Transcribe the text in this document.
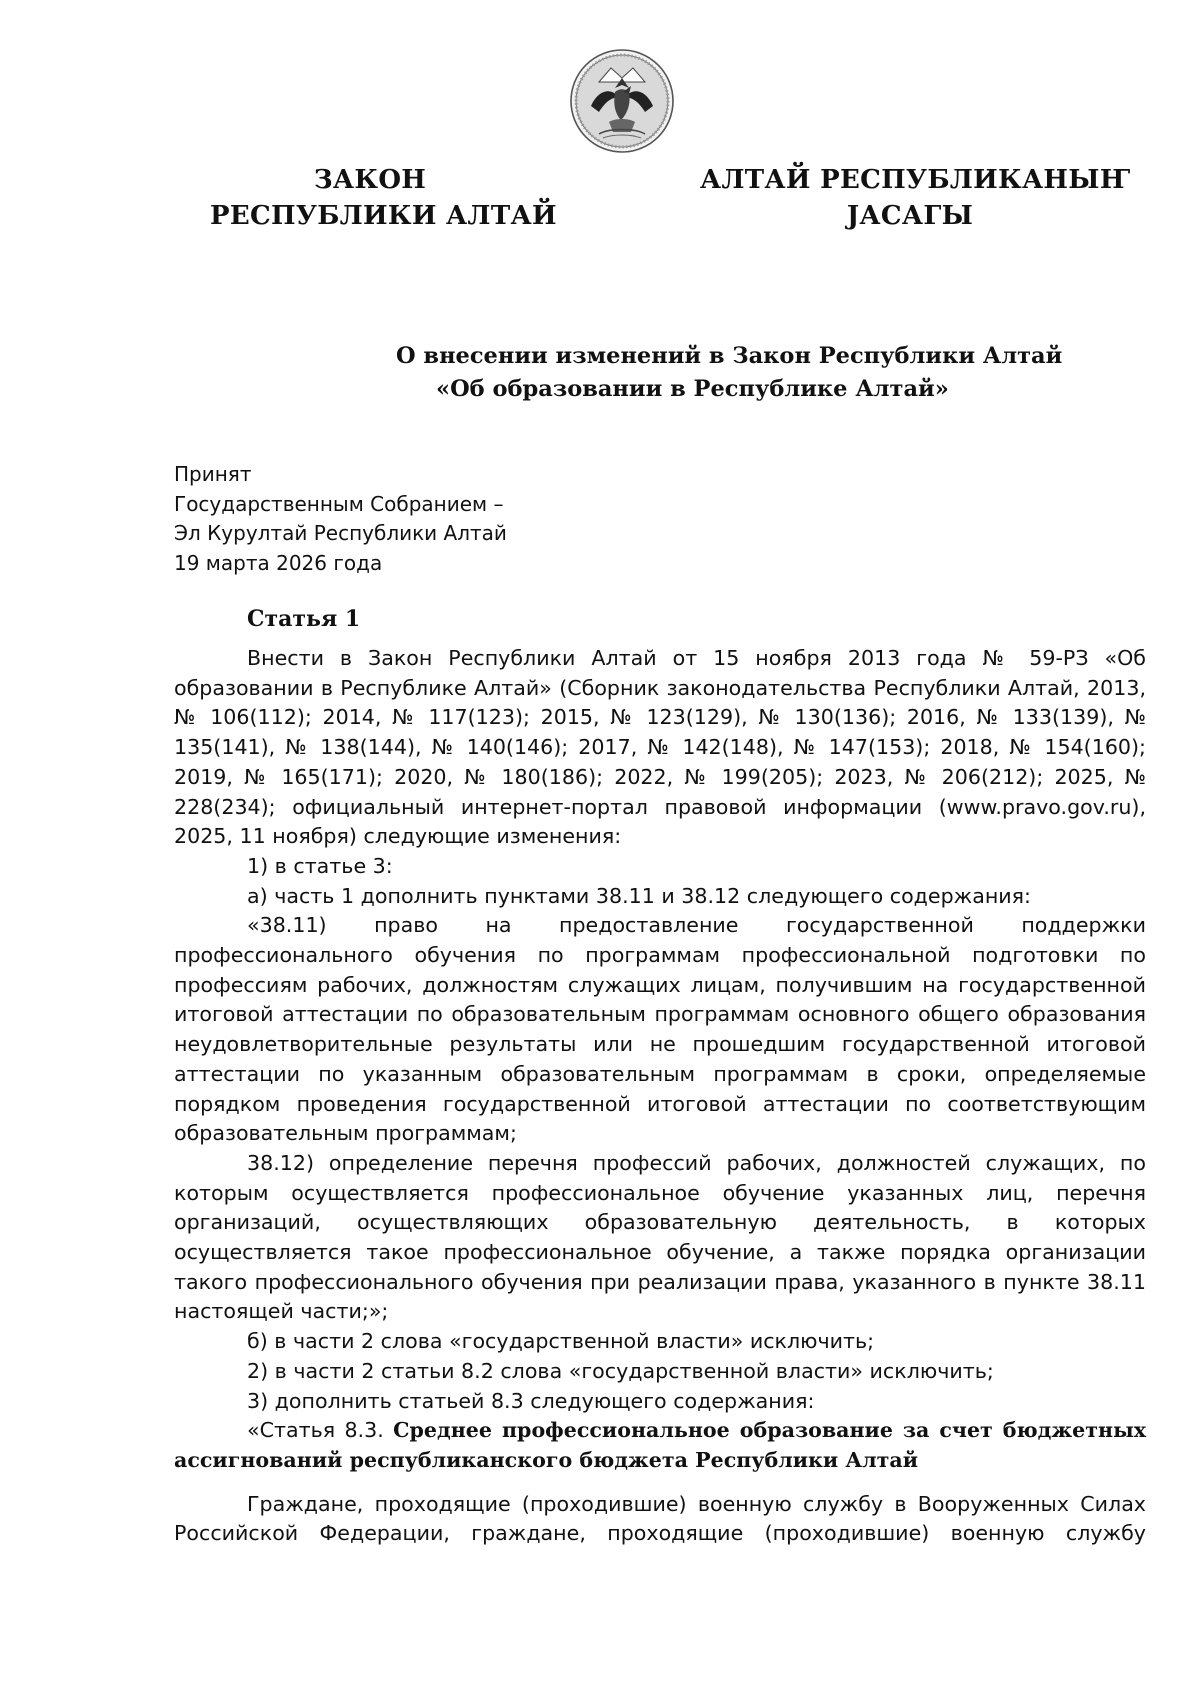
ЗАКОН
РЕСПУБЛИКИ АЛТАЙ
АЛТАЙ РЕСПУБЛИКАНЫҤ
ЈАСАГЫ
О внесении изменений в Закон Республики Алтай
«Об образовании в Республике Алтай»
Принят
Государственным Собранием –
Эл Курултай Республики Алтай
19 марта 2026 года
Статья 1

Внести в Закон Республики Алтай от 15 ноября 2013 года № 59-РЗ «Об образовании в Республике Алтай» (Сборник законодательства Республики Алтай, 2013, № 106(112); 2014, № 117(123); 2015, № 123(129), № 130(136); 2016, № 133(139), № 135(141), № 138(144), № 140(146); 2017, № 142(148), № 147(153); 2018, № 154(160); 2019, № 165(171); 2020, № 180(186); 2022, № 199(205); 2023, № 206(212); 2025, № 228(234); официальный интернет-портал правовой информации (www.pravo.gov.ru), 2025, 11 ноября) следующие изменения:

1) в статье 3:

а) часть 1 дополнить пунктами 38.11 и 38.12 следующего содержания:

«38.11) право на предоставление государственной поддержки профессионального обучения по программам профессиональной подготовки по профессиям рабочих, должностям служащих лицам, получившим на государственной итоговой аттестации по образовательным программам основного общего образования неудовлетворительные результаты или не прошедшим государственной итоговой аттестации по указанным образовательным программам в сроки, определяемые порядком проведения государственной итоговой аттестации по соответствующим образовательным программам;

38.12) определение перечня профессий рабочих, должностей служащих, по которым осуществляется профессиональное обучение указанных лиц, перечня организаций, осуществляющих образовательную деятельность, в которых осуществляется такое профессиональное обучение, а также порядка организации такого профессионального обучения при реализации права, указанного в пункте 38.11 настоящей части;»;

б) в части 2 слова «государственной власти» исключить;

2) в части 2 статьи 8.2 слова «государственной власти» исключить;

3) дополнить статьей 8.3 следующего содержания:

«Статья 8.3. Среднее профессиональное образование за счет бюджетных ассигнований республиканского бюджета Республики Алтай

Граждане, проходящие (проходившие) военную службу в Вооруженных Силах Российской Федерации, граждане, проходящие (проходившие) военную службу
